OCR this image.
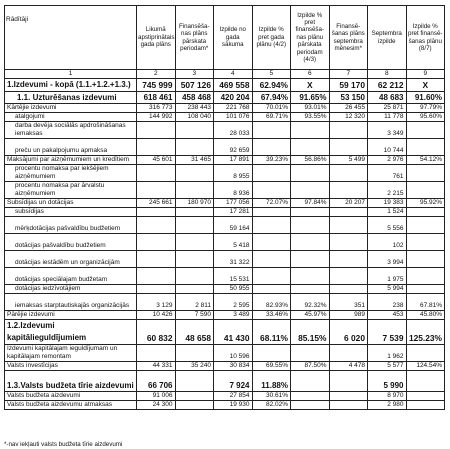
Rādītāji	Likumā apstiprinātais gada plāns	Finansēša-nas plāns pārskata periodam*	Izpilde no gada sākuma	Izpilde % pret gada plānu (4/2)	Izpilde % pret finansēša-nas plānu pārskata periodam (4/3)	Finansē-šanas plāns septembra mēnesim*	Septembra izpilde	Izpilde % pret finansē-šanas plānu (8/7)
1	2	3	4	5	6	7	8	9
1.Izdevumi - kopā (1.1.+1.2.+1.3.)	745 999	507 126	469 558	62.94%	X	59 170	62 212	X
1.1. Uzturēšanas izdevumi	618 461	458 468	420 204	67.94%	91.65%	53 150	48 683	91.60%
Kārtējie izdevumi	316 773	238 443	221 768	70.01%	93.01%	26 455	25 871	97.79%
atalgojumi	144 992	108 040	101 076	69.71%	93.55%	12 320	11 778	95.60%
darba devēja sociālās apdrošināšanas iemaksas			28 033				3 349	
preču un pakalpojumu apmaksa			92 659				10 744	
Maksājumi par aizņēmumiem un kredītiem	45 601	31 465	17 891	39.23%	56.86%	5 499	2 976	54.12%
procentu nomaksa par iekšējiem aizņēmumiem			8 955				761	
procentu nomaksa par ārvalstu aizņēmumiem			8 936				2 215	
Subsīdijas un dotācijas	245 661	180 970	177 056	72.07%	97.84%	20 207	19 383	95.92%
subsīdijas			17 281				1 524	
mērķdotācijas pašvaldību budžetiem			59 164				5 556	
dotācijas pašvaldību budžetiem			5 418				102	
dotācijas iestādēm un organizācijām			31 322				3 994	
dotācijas speciālajam budžetam			15 531				1 975	
dotācijas iedzīvotājiem			50 955				5 994	
iemaksas starptautiskajās organizācijās	3 129	2 811	2 595	82.93%	92.32%	351	238	67.81%
Pārējie izdevumi	10 426	7 590	3 489	33.46%	45.97%	989	453	45.80%
1.2.Izdevumi kapitālieguldījumiem	60 832	48 658	41 430	68.11%	85.15%	6 020	7 539	125.23%
Izdevumi kapitālajam ieguldījumam un kapitālajam remontam			10 596				1 962	
Valsts investīcijas	44 331	35 240	30 834	69.55%	87.50%	4 478	5 577	124.54%
1.3.Valsts budžeta tīrie aizdevumi	66 706		7 924	11.88%			5 990	
Valsts budžeta aizdevumi	91 006		27 854	30.61%			8 970	
Valsts budžeta aizdevumu atmaksas	24 300		19 930	82.02%			2 980	
*-nav iekļauti valsts budžeta tīrie aizdevumi
